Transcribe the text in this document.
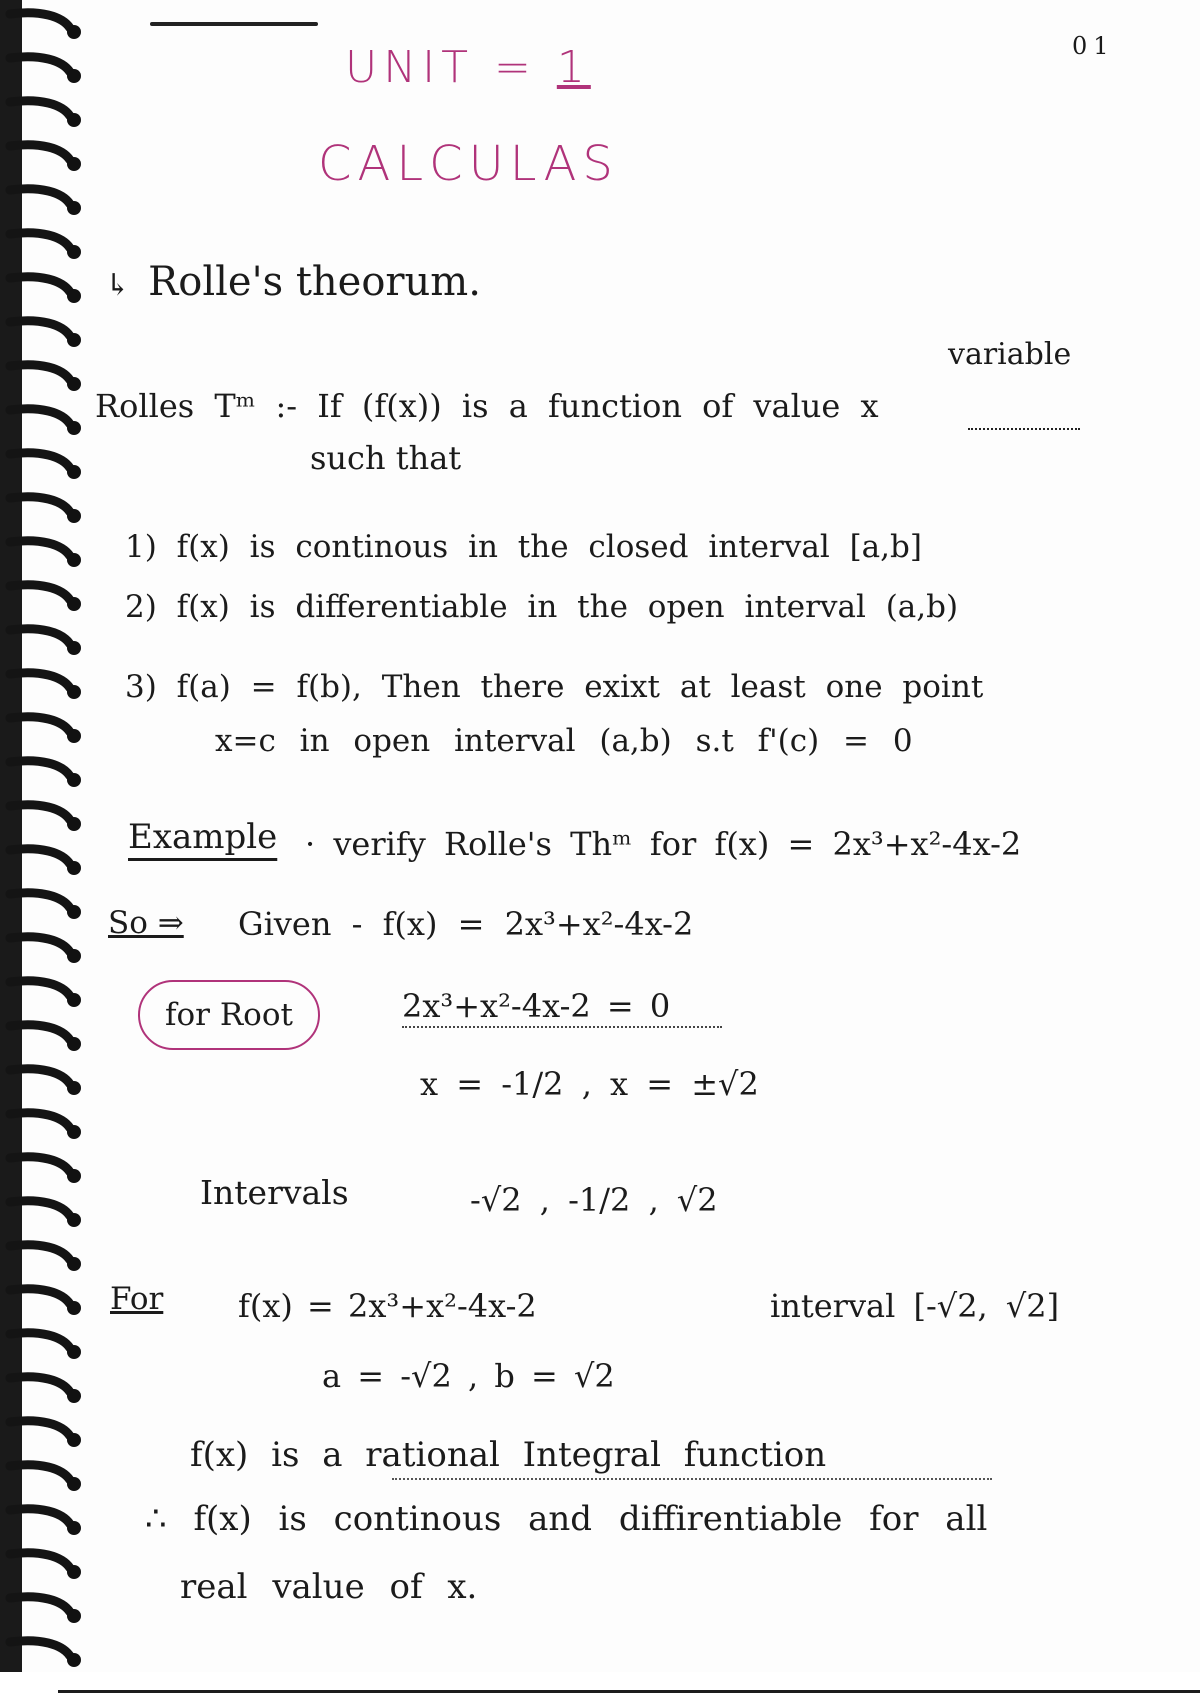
01
UNIT = 1
CALCULAS
↳ Rolle's theorum.
variable
Rolles Tᵐ :- If (f(x)) is a function of value x
such that
1) f(x) is continous in the closed interval [a,b]
2) f(x) is differentiable in the open interval (a,b)
3) f(a) = f(b), Then there exixt at least one point
x=c in open interval (a,b) s.t f'(c) = 0
Example · verify Rolle's Thᵐ for f(x) = 2x³+x²-4x-2
So ⇒ Given - f(x) = 2x³+x²-4x-2
for Root	2x³+x²-4x-2 = 0
x = -1/2 , x = ±√2
Intervals	-√2 , -1/2 , √2
For f(x) = 2x³+x²-4x-2	interval [-√2, √2]
a = -√2 , b = √2
f(x) is a rational Integral function
∴ f(x) is continous and diffirentiable for all
real value of x.
